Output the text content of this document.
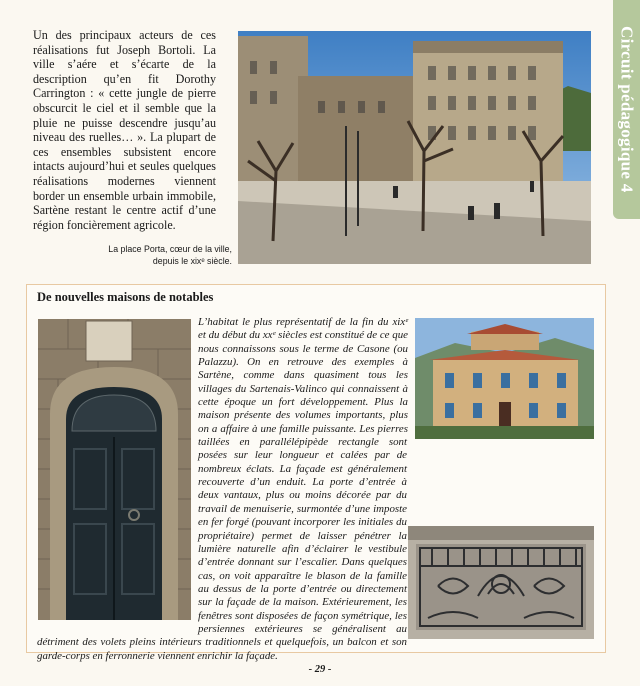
Circuit pédagogique 4

Un des principaux acteurs de ces réalisations fut Joseph Bortoli. La ville s’aére et s’écarte de la description qu’en fit Dorothy Carrington : « cette jungle de pierre obscurcit le ciel et il semble que la pluie ne puisse descendre jusqu’au niveau des ruelles… ». La plupart de ces ensembles subsistent encore intacts aujourd’hui et seules quelques réalisations modernes viennent border un ensemble urbain immobile, Sartène restant le centre actif d’une région foncièrement agricole.

La place Porta, cœur de la ville,
depuis le xixᵉ siècle.
De nouvelles maisons de notables

L’habitat le plus représentatif de la fin du xixᵉ et du début du xxᵉ siècles est constitué de ce que nous connaissons sous le terme de Casone (ou Palazzu). On en retrouve des exemples à Sartène, comme dans quasiment tous les villages du Sartenais-Valinco qui connaissent à cette époque un fort développement. Plus la maison présente des volumes importants, plus on a affaire à une famille puissante. Les pierres taillées en parallélépipède rectangle sont posées sur leur longueur et calées par de nombreux éclats. La façade est généralement recouverte d’un enduit. La porte d’entrée à deux vantaux, plus ou moins décorée par du travail de menuiserie, surmontée d’une imposte en fer forgé (pouvant incorporer les initiales du propriétaire) permet de laisser pénétrer la lumière naturelle afin d’éclairer le vestibule d’entrée donnant sur l’escalier. Dans quelques cas, on voit apparaître le blason de la famille au dessus de la porte d’entrée ou directement sur la façade de la maison. Extérieurement, les fenêtres sont disposées de façon symétrique, les persiennes extérieures se généralisent au détriment des volets pleins intérieurs traditionnels et quelquefois, un balcon et son garde-corps en ferronnerie viennent enrichir la façade.

- 29 -
